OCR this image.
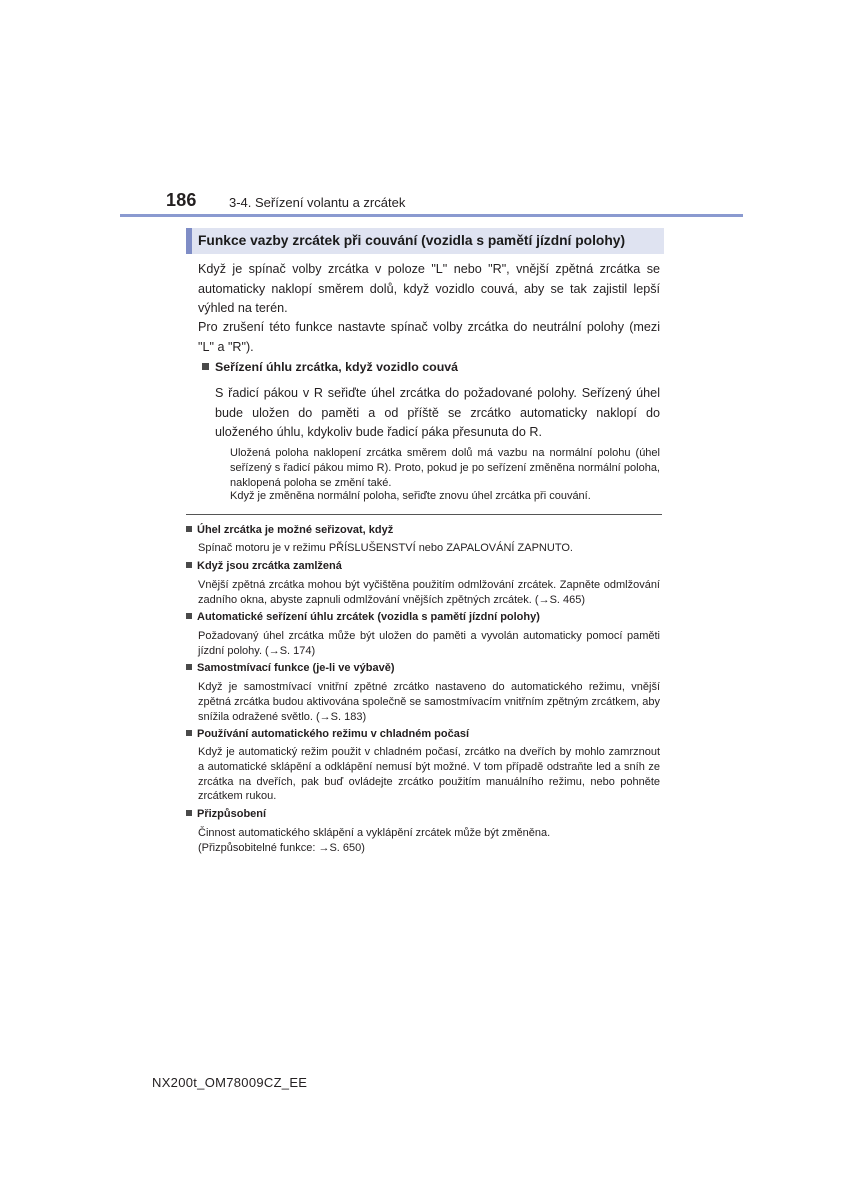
186 3-4. Seřízení volantu a zrcátek
Funkce vazby zrcátek při couvání (vozidla s pamětí jízdní polohy)

Když je spínač volby zrcátka v poloze "L" nebo "R", vnější zpětná zrcátka se automaticky naklopí směrem dolů, když vozidlo couvá, aby se tak zajistil lepší výhled na terén.

Pro zrušení této funkce nastavte spínač volby zrcátka do neutrální polohy (mezi "L" a "R").

Seřízení úhlu zrcátka, když vozidlo couvá

S řadicí pákou v R seřiďte úhel zrcátka do požadované polohy. Seřízený úhel bude uložen do paměti a od příště se zrcátko automaticky naklopí do uloženého úhlu, kdykoliv bude řadicí páka přesunuta do R.

Uložená poloha naklopení zrcátka směrem dolů má vazbu na normální polohu (úhel seřízený s řadicí pákou mimo R). Proto, pokud je po seřízení změněna normální poloha, naklopená poloha se změní také.

Když je změněna normální poloha, seřiďte znovu úhel zrcátka při couvání.

Úhel zrcátka je možné seřizovat, když

Spínač motoru je v režimu PŘÍSLUŠENSTVÍ nebo ZAPALOVÁNÍ ZAPNUTO.

Když jsou zrcátka zamlžená

Vnější zpětná zrcátka mohou být vyčištěna použitím odmlžování zrcátek. Zapněte odmlžování zadního okna, abyste zapnuli odmlžování vnějších zpětných zrcátek. (→S. 465)

Automatické seřízení úhlu zrcátek (vozidla s pamětí jízdní polohy)

Požadovaný úhel zrcátka může být uložen do paměti a vyvolán automaticky pomocí paměti jízdní polohy. (→S. 174)

Samostmívací funkce (je-li ve výbavě)

Když je samostmívací vnitřní zpětné zrcátko nastaveno do automatického režimu, vnější zpětná zrcátka budou aktivována společně se samostmívacím vnitřním zpětným zrcátkem, aby snížila odražené světlo. (→S. 183)

Používání automatického režimu v chladném počasí

Když je automatický režim použit v chladném počasí, zrcátko na dveřích by mohlo zamrznout a automatické sklápění a odklápění nemusí být možné. V tom případě odstraňte led a sníh ze zrcátka na dveřích, pak buď ovládejte zrcátko použitím manuálního režimu, nebo pohněte zrcátkem rukou.

Přizpůsobení

Činnost automatického sklápění a vyklápění zrcátek může být změněna.

(Přizpůsobitelné funkce: →S. 650)

NX200t_OM78009CZ_EE
